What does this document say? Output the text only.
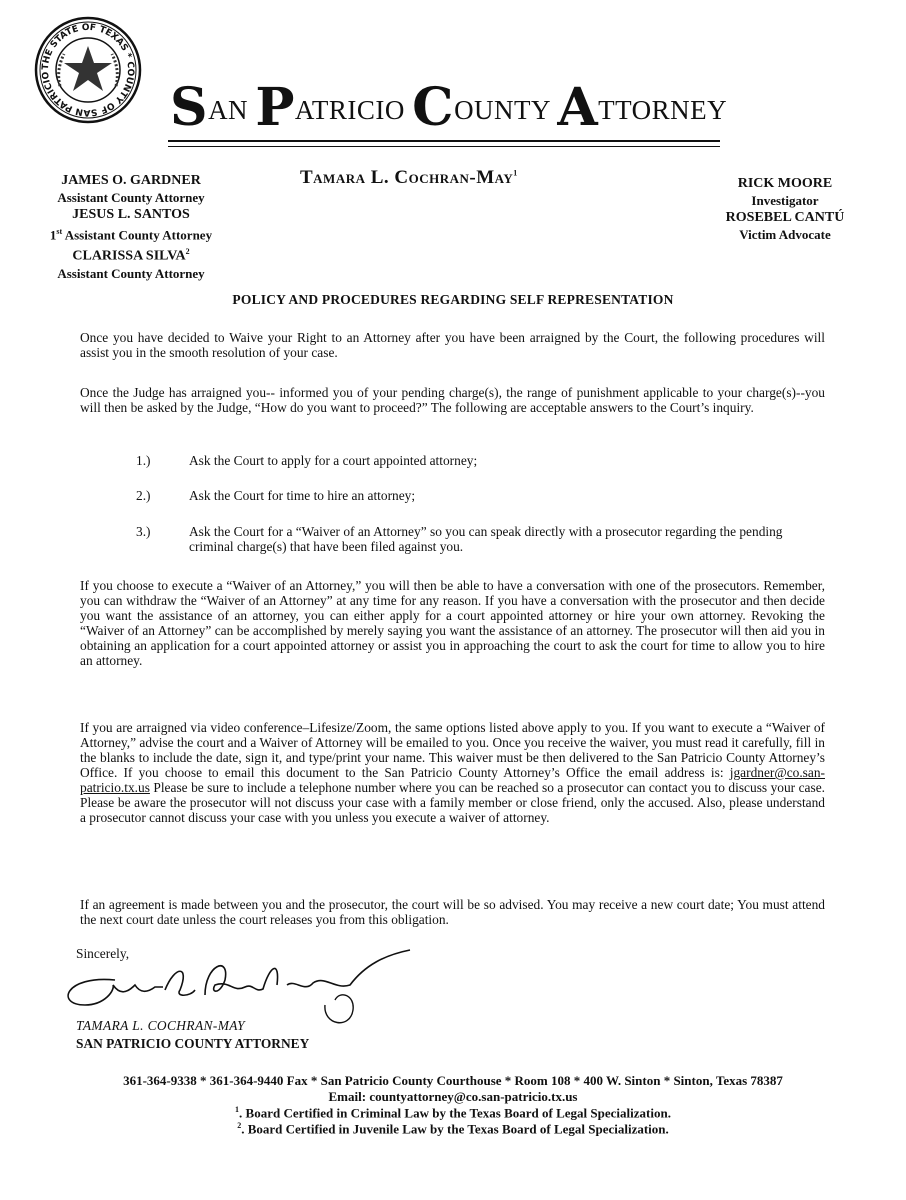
THE STATE OF TEXAS * COUNTY OF SAN PATRICIO
SAN PATRICIO COUNTY ATTORNEY
JAMES O. GARDNER
Assistant County Attorney
JESUS L. SANTOS
1st Assistant County Attorney
CLARISSA SILVA$^2$
Assistant County Attorney
Tamara L. Cochran-May$^1$
RICK MOORE
Investigator
ROSEBEL CANTÚ
Victim Advocate
POLICY AND PROCEDURES REGARDING SELF REPRESENTATION
Once you have decided to Waive your Right to an Attorney after you have been arraigned by the Court, the following procedures will assist you in the smooth resolution of your case.
Once the Judge has arraigned you-- informed you of your pending charge(s), the range of punishment applicable to your charge(s)--you will then be asked by the Judge, “How do you want to proceed?” The following are acceptable answers to the Court’s inquiry.
1.)	Ask the Court to apply for a court appointed attorney;
2.)	Ask the Court for time to hire an attorney;
3.)	Ask the Court for a “Waiver of an Attorney” so you can speak directly with a prosecutor regarding the pending criminal charge(s) that have been filed against you.
If you choose to execute a “Waiver of an Attorney,” you will then be able to have a conversation with one of the prosecutors. Remember, you can withdraw the “Waiver of an Attorney” at any time for any reason. If you have a conversation with the prosecutor and then decide you want the assistance of an attorney, you can either apply for a court appointed attorney or hire your own attorney. Revoking the “Waiver of an Attorney” can be accomplished by merely saying you want the assistance of an attorney. The prosecutor will then aid you in obtaining an application for a court appointed attorney or assist you in approaching the court to ask the court for time to allow you to hire an attorney.
If you are arraigned via video conference–Lifesize/Zoom, the same options listed above apply to you. If you want to execute a “Waiver of Attorney,” advise the court and a Waiver of Attorney will be emailed to you. Once you receive the waiver, you must read it carefully, fill in the blanks to include the date, sign it, and type/print your name. This waiver must be then delivered to the San Patricio County Attorney’s Office. If you choose to email this document to the San Patricio County Attorney’s Office the email address is: jgardner@co.san-patricio.tx.us Please be sure to include a telephone number where you can be reached so a prosecutor can contact you to discuss your case. Please be aware the prosecutor will not discuss your case with a family member or close friend, only the accused. Also, please understand a prosecutor cannot discuss your case with you unless you execute a waiver of attorney.
If an agreement is made between you and the prosecutor, the court will be so advised. You may receive a new court date; You must attend the next court date unless the court releases you from this obligation.
Sincerely,
TAMARA L. COCHRAN-MAY
SAN PATRICIO COUNTY ATTORNEY
361-364-9338 * 361-364-9440 Fax * San Patricio County Courthouse * Room 108 * 400 W. Sinton * Sinton, Texas 78387
Email: countyattorney@co.san-patricio.tx.us
$^1$. Board Certified in Criminal Law by the Texas Board of Legal Specialization.
$^2$. Board Certified in Juvenile Law by the Texas Board of Legal Specialization.
